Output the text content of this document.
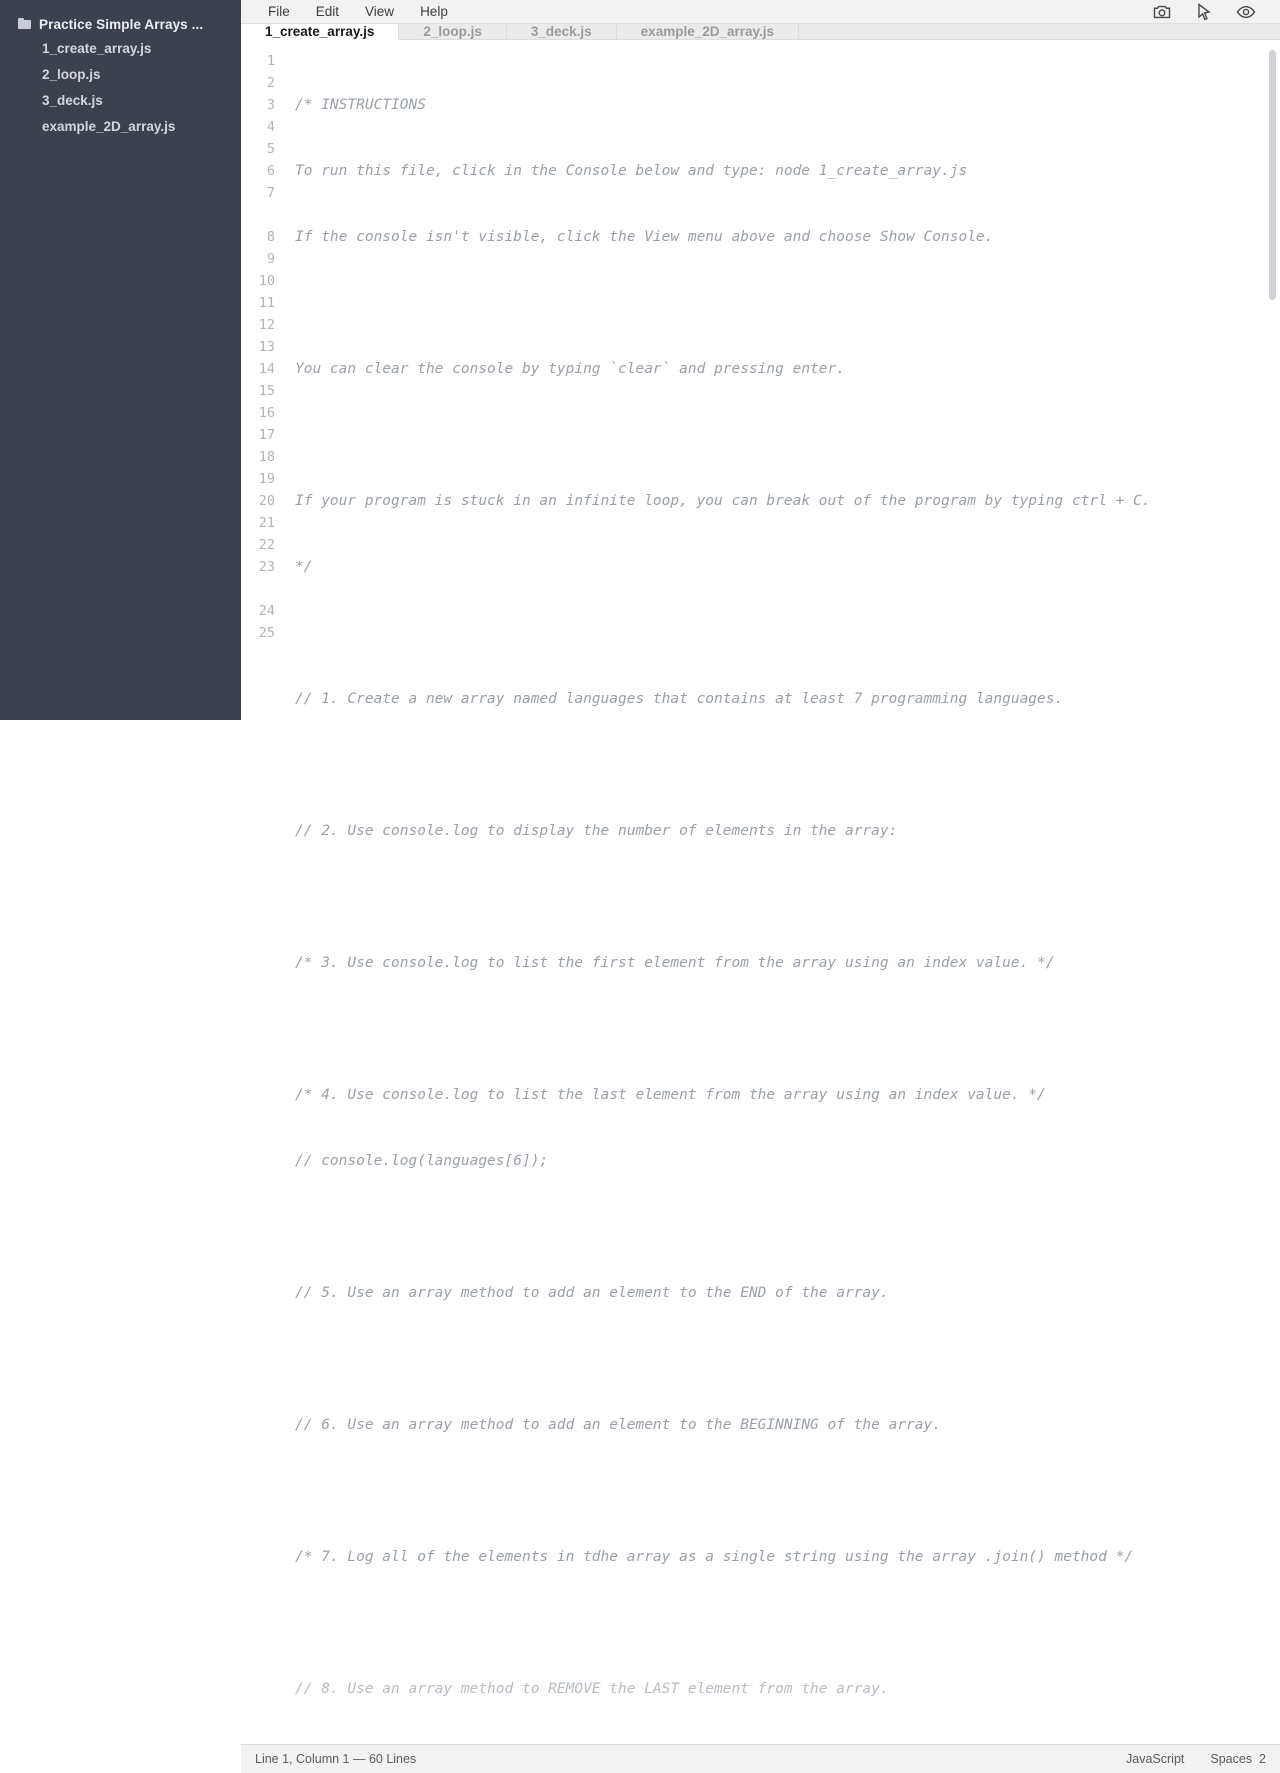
Practice Simple Arrays ...
1_create_array.js
2_loop.js
3_deck.js
example_2D_array.js
File	Edit	View	Help
1_create_array.js	2_loop.js	3_deck.js	example_2D_array.js
1
2
3
4
5
6
7
8
9
10
11
12
13
14
15
16
17
18
19
20
21
22
23
24
25

/* INSTRUCTIONS

To run this file, click in the Console below and type: node 1_create_array.js

If the console isn't visible, click the View menu above and choose Show Console.

You can clear the console by typing `clear` and pressing enter.

If your program is stuck in an infinite loop, you can break out of the program by typing ctrl + C.

*/

// 1. Create a new array named languages that contains at least 7 programming languages.

// 2. Use console.log to display the number of elements in the array:

/* 3. Use console.log to list the first element from the array using an index value. */

/* 4. Use console.log to list the last element from the array using an index value. */

// console.log(languages[6]);

// 5. Use an array method to add an element to the END of the array.

// 6. Use an array method to add an element to the BEGINNING of the array.

/* 7. Log all of the elements in tdhe array as a single string using the array .join() method */

// 8. Use an array method to REMOVE the LAST element from the array.

Line 1, Column 1 — 60 Lines	JavaScript Spaces 2
